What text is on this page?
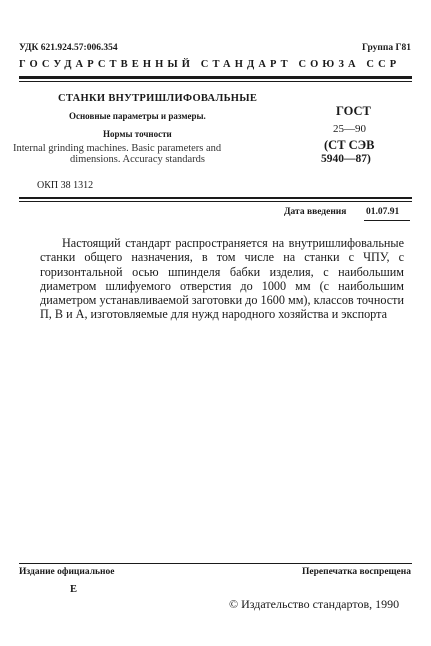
УДК 621.924.57:006.354	Группа Г81
ГОСУДАРСТВЕННЫЙ СТАНДАРТ СОЮЗА ССР
СТАНКИ ВНУТРИШЛИФОВАЛЬНЫЕ
Основные параметры и размеры.
Нормы точности
Internal grinding machines. Basic parameters and
dimensions. Accuracy standards
ГОСТ
25—90
(СТ СЭВ
5940—87)
ОКП 38 1312
Дата введения 01.07.91
Настоящий стандарт распространяется на внутришлифовальные станки общего назначения, в том числе на станки с ЧПУ, с горизонтальной осью шпинделя бабки изделия, с наибольшим диаметром шлифуемого отверстия до 1000 мм (с наибольшим диаметром устанавливаемой заготовки до 1600 мм), классов точности П, В и А, изготовляемые для нужд народного хозяйства и экспорта
Издание официальное	Перепечатка воспрещена
E
© Издательство стандартов, 1990
